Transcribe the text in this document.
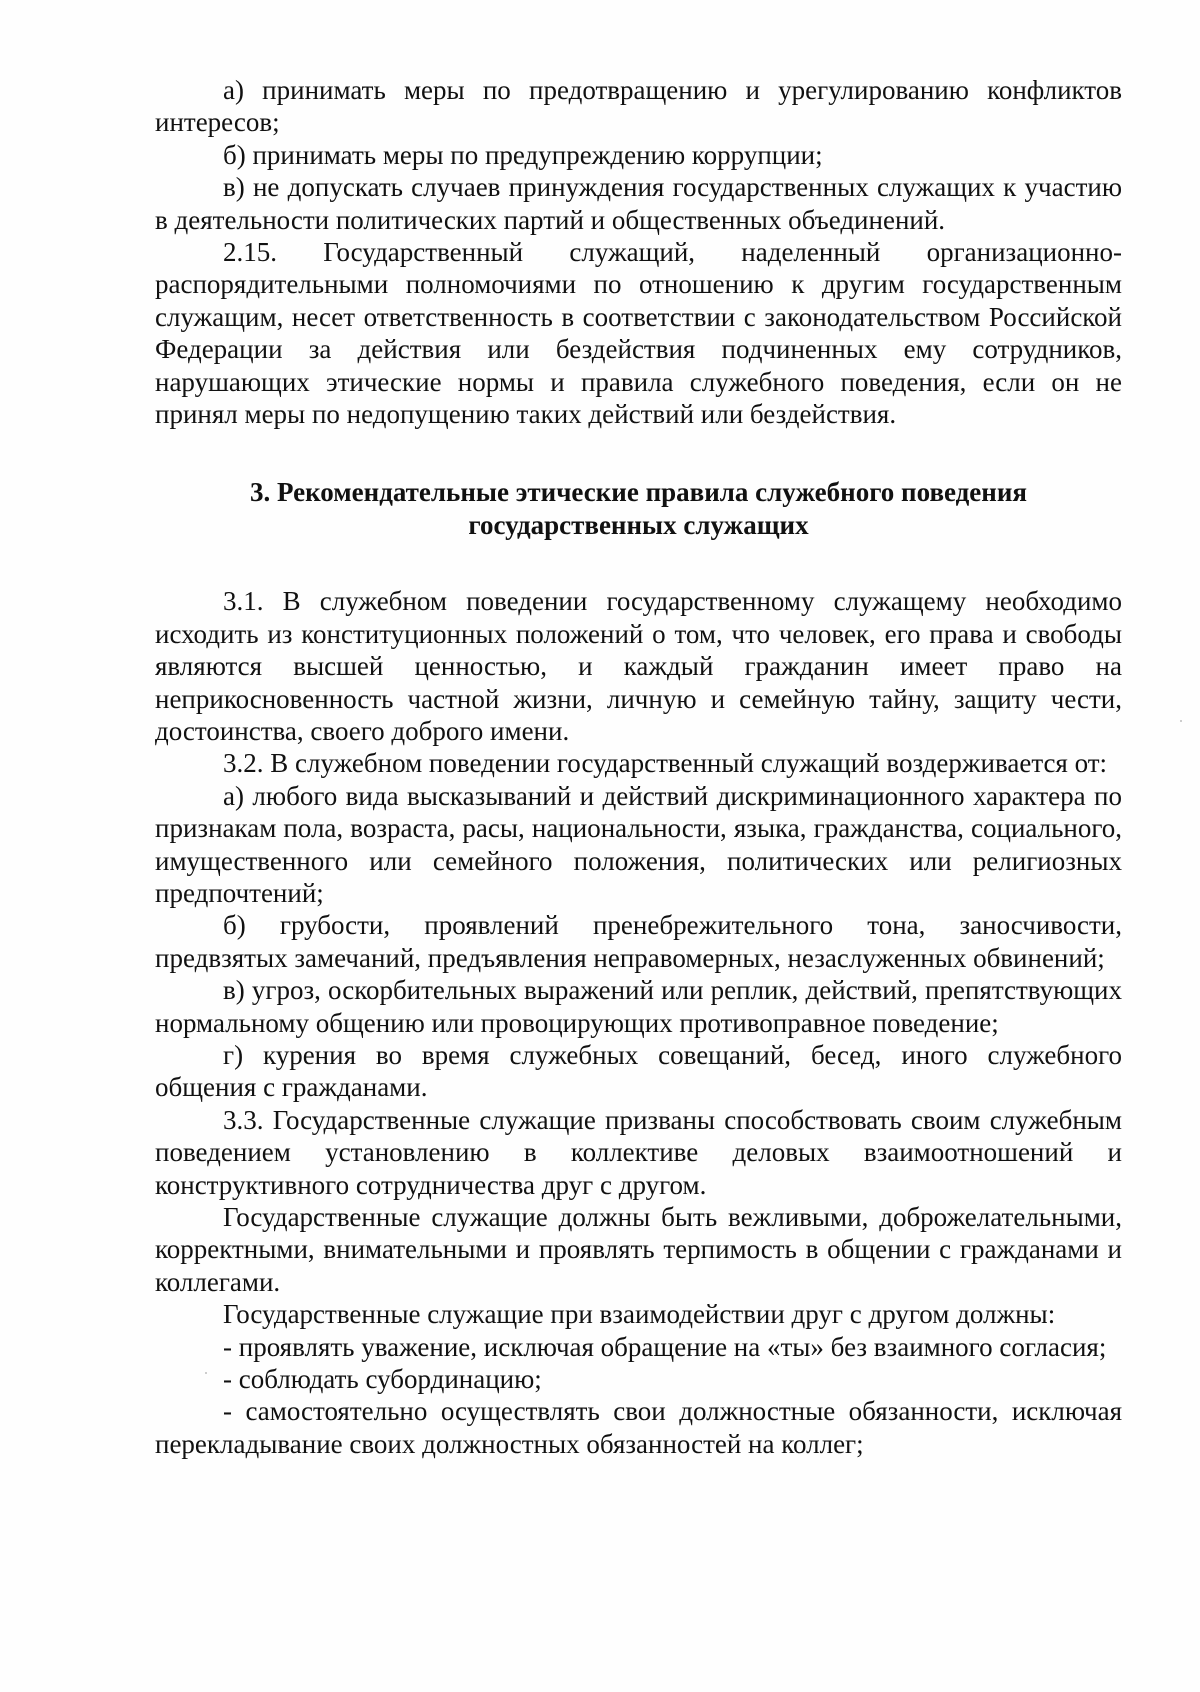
а) принимать меры по предотвращению и урегулированию конфликтов интересов;

б) принимать меры по предупреждению коррупции;

в) не допускать случаев принуждения государственных служащих к участию в деятельности политических партий и общественных объединений.

2.15. Государственный служащий, наделенный организационно-распорядительными полномочиями по отношению к другим государственным служащим, несет ответственность в соответствии с законодательством Российской Федерации за действия или бездействия подчиненных ему сотрудников, нарушающих этические нормы и правила служебного поведения, если он не принял меры по недопущению таких действий или бездействия.

3. Рекомендательные этические правила служебного поведения
государственных служащих

3.1. В служебном поведении государственному служащему необходимо исходить из конституционных положений о том, что человек, его права и свободы являются высшей ценностью, и каждый гражданин имеет право на неприкосновенность частной жизни, личную и семейную тайну, защиту чести, достоинства, своего доброго имени.

3.2. В служебном поведении государственный служащий воздерживается от:

а) любого вида высказываний и действий дискриминационного характера по признакам пола, возраста, расы, национальности, языка, гражданства, социального, имущественного или семейного положения, политических или религиозных предпочтений;

б) грубости, проявлений пренебрежительного тона, заносчивости, предвзятых замечаний, предъявления неправомерных, незаслуженных обвинений;

в) угроз, оскорбительных выражений или реплик, действий, препятствующих нормальному общению или провоцирующих противоправное поведение;

г) курения во время служебных совещаний, бесед, иного служебного общения с гражданами.

3.3. Государственные служащие призваны способствовать своим служебным поведением установлению в коллективе деловых взаимоотношений и конструктивного сотрудничества друг с другом.

Государственные служащие должны быть вежливыми, доброжелательными, корректными, внимательными и проявлять терпимость в общении с гражданами и коллегами.

Государственные служащие при взаимодействии друг с другом должны:

- проявлять уважение, исключая обращение на «ты» без взаимного согласия;

- соблюдать субординацию;

- самостоятельно осуществлять свои должностные обязанности, исключая перекладывание своих должностных обязанностей на коллег;
